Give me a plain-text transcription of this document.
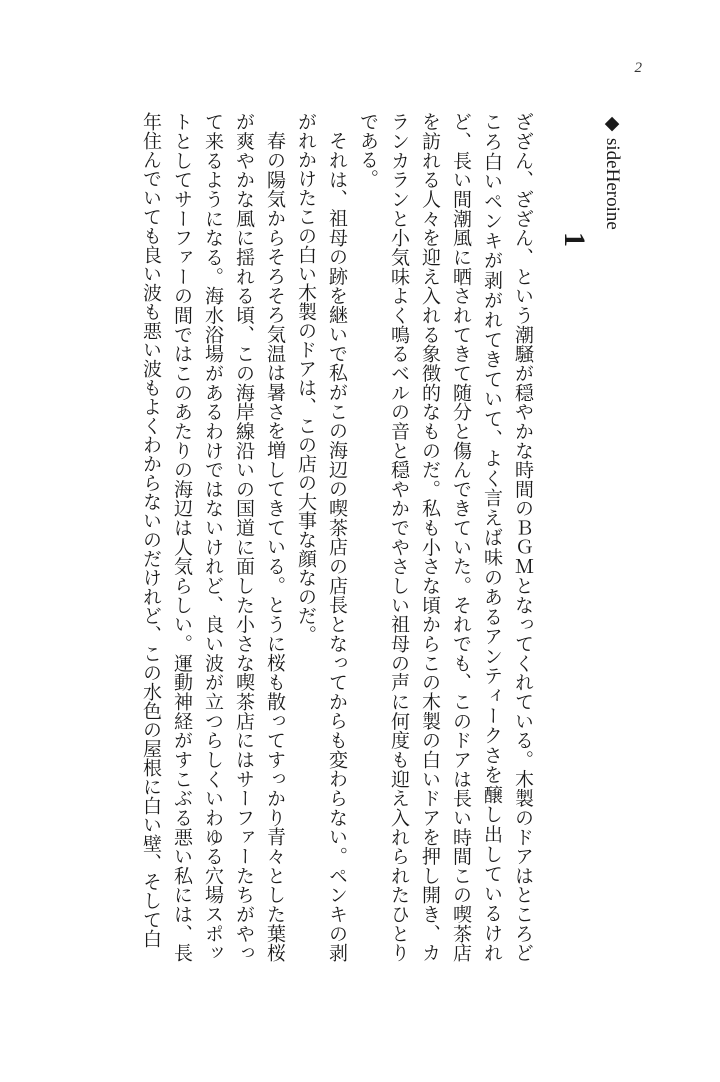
2
◆sideHeroine
1

ざざん、ざざん、という潮騒が穏やかな時間のＢＧＭとなってくれている。木製のドアはところどころ白いペンキが剥がれてきていて、よく言えば味のあるアンティークさを醸し出しているけれど、長い間潮風に晒されてきて随分と傷んできていた。それでも、このドアは長い時間この喫茶店を訪れる人々を迎え入れる象徴的なものだ。私も小さな頃からこの木製の白いドアを押し開き、カランカランと小気味よく鳴るベルの音と穏やかでやさしい祖母の声に何度も迎え入れられたひとりである。

それは、祖母の跡を継いで私がこの海辺の喫茶店の店長となってからも変わらない。ペンキの剥がれかけたこの白い木製のドアは、この店の大事な顔なのだ。

春の陽気からそろそろ気温は暑さを増してきている。とうに桜も散ってすっかり青々とした葉桜が爽やかな風に揺れる頃、この海岸線沿いの国道に面した小さな喫茶店にはサーファーたちがやって来るようになる。海水浴場があるわけではないけれど、良い波が立つらしくいわゆる穴場スポットとしてサーファーの間ではこのあたりの海辺は人気らしい。運動神経がすこぶる悪い私には、長年住んでいても良い波も悪い波もよくわからないのだけれど、この水色の屋根に白い壁、そして白
